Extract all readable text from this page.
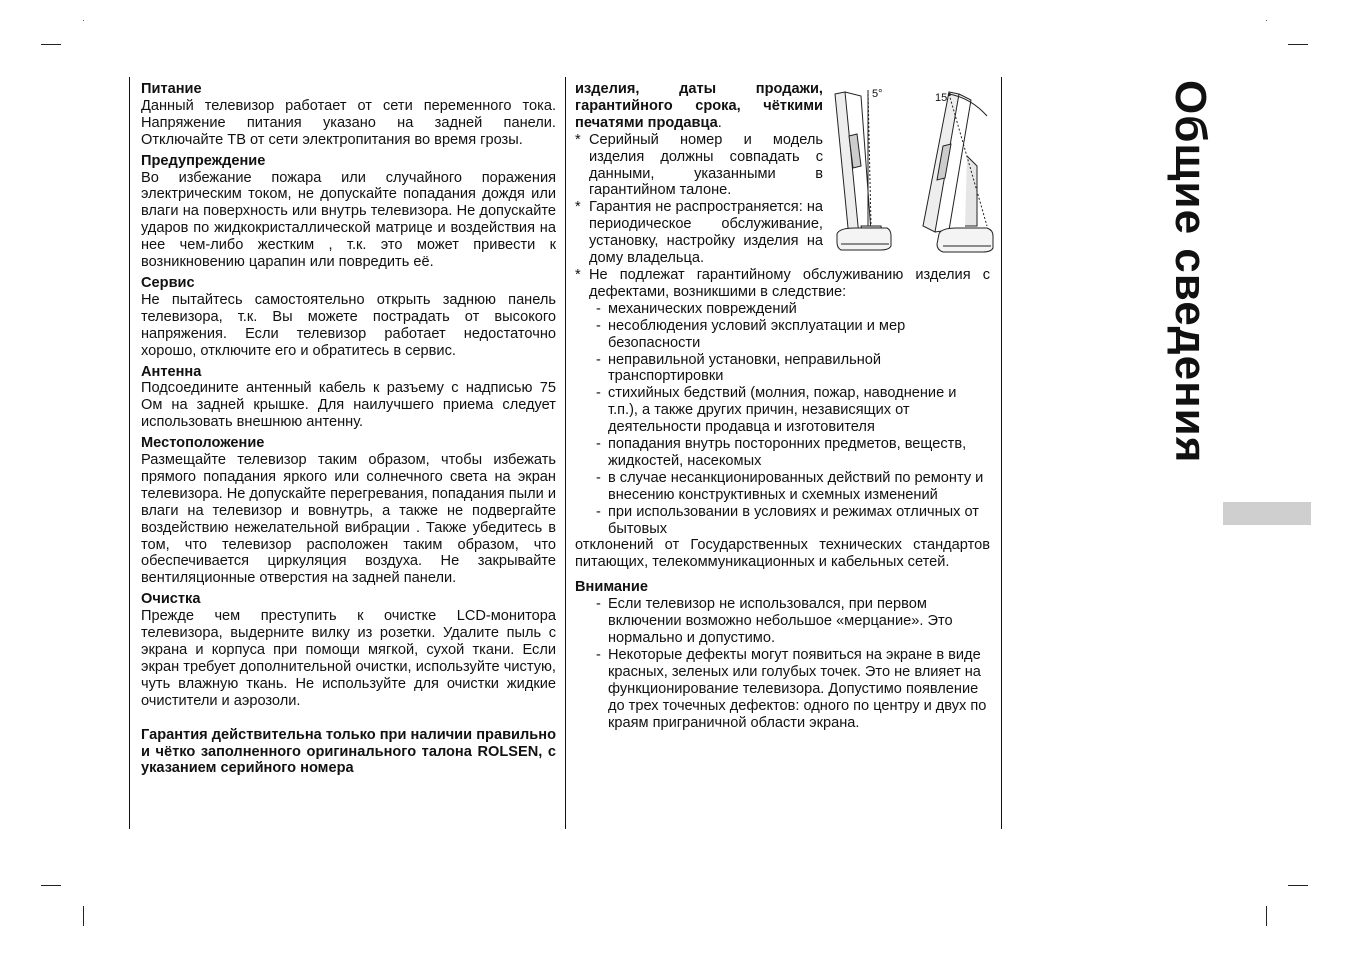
Питание

Данный телевизор работает от сети переменного тока. Напряжение питания указано на задней панели. Отключайте ТВ от сети электропитания во время грозы.

Предупреждение

Во избежание пожара или случайного поражения электрическим током, не допускайте попадания дождя или влаги на поверхность или внутрь телевизора. Не допускайте ударов по жидкокристаллической матрице и воздействия на нее чем-либо жестким , т.к. это может привести к возникновению царапин или повредить её.

Сервис

Не пытайтесь самостоятельно открыть заднюю панель телевизора, т.к. Вы можете пострадать от высокого напряжения. Если телевизор работает недостаточно хорошо, отключите его и обратитесь в сервис.

Антенна

Подсоедините антенный кабель к разъему с надписью 75 Ом на задней крышке. Для наилучшего приема следует использовать внешнюю антенну.

Местоположение

Размещайте телевизор таким образом, чтобы избежать прямого попадания яркого или солнечного света на экран телевизора. Не допускайте перегревания, попадания пыли и влаги на телевизор и вовнутрь, а также не подвергайте воздействию нежелательной вибрации . Также убедитесь в том, что телевизор расположен таким образом, что обеспечивается циркуляция воздуха. Не закрывайте вентиляционные отверстия на задней панели.

Очистка

Прежде чем преступить к очистке LCD-монитора телевизора, выдерните вилку из розетки. Удалите пыль с экрана и корпуса при помощи мягкой, сухой ткани. Если экран требует дополнительной очистки, используйте чистую, чуть влажную ткань. Не используйте для очистки жидкие очистители и аэрозоли.

Гарантия действительна только при наличии правильно и чётко заполненного оригинального талона ROLSEN, с указанием серийного номера
изделия, даты продажи, гарантийного срока, чёткими печатями продавца.

* Серийный номер и модель изделия должны совпадать с данными, указанными в гарантийном талоне.

* Гарантия не распространяется: на периодическое обслуживание, установку, настройку изделия на дому владельца.

* Не подлежат гарантийному обслуживанию изделия с дефектами, возникшими в следствие:

- механических повреждений

- несоблюдения условий эксплуатации и мер безопасности

- неправильной установки, неправильной транспортировки

- стихийных бедствий (молния, пожар, наводнение и т.п.), а также других причин, независящих от деятельности продавца и изготовителя

- попадания внутрь посторонних предметов, веществ, жидкостей, насекомых

- в случае несанкционированных действий по ремонту и внесению конструктивных и схемных изменений

- при использовании в условиях и режимах отличных от бытовых

отклонений от Государственных технических стандартов питающих, телекоммуникационных и кабельных сетей.

Внимание

- Если телевизор не использовался, при первом включении возможно небольшое «мерцание». Это нормально и допустимо.

- Некоторые дефекты могут появиться на экране в виде красных, зеленых или голубых точек. Это не влияет на функционирование телевизора. Допустимо появление до трех точечных дефектов: одного по центру и двух по краям приграничной области экрана.

5°	15°	Общие сведения
